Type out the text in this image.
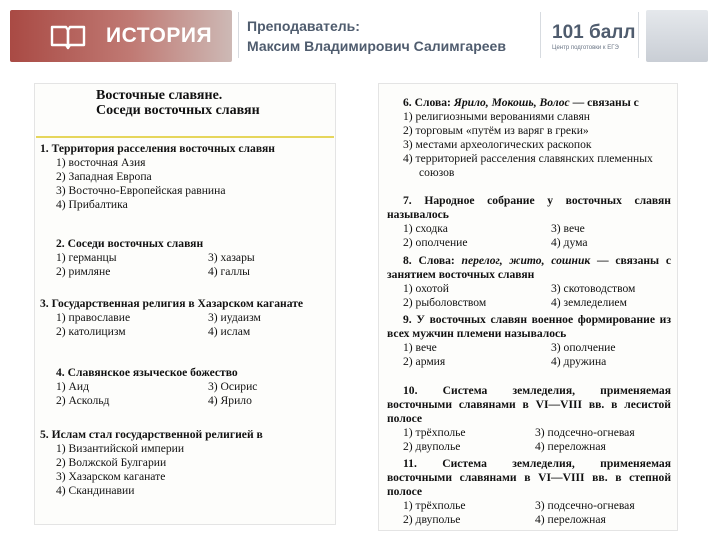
ИСТОРИЯ Преподаватель:
Максим Владимирович Салимгареев
101 балл
Центр подготовки к ЕГЭ
Восточные славяне.
Соседи восточных славян
1. Территория расселения восточных славян
1) восточная Азия
2) Западная Европа
3) Восточно-Европейская равнина
4) Прибалтика
2. Соседи восточных славян
1) германцы	3) хазары
2) римляне	4) галлы
3. Государственная религия в Хазарском каганате
1) православие	3) иудаизм
2) католицизм	4) ислам
4. Славянское языческое божество
1) Аид	3) Осирис
2) Аскольд	4) Ярило
5. Ислам стал государственной религией в
1) Византийской империи
2) Волжской Булгарии
3) Хазарском каганате
4) Скандинавии
6. Слова: Ярило, Мокошь, Волос — связаны с
1) религиозными верованиями славян
2) торговым «путём из варяг в греки»
3) местами археологических раскопок
4) территорией расселения славянских племенных союзов
7. Народное собрание у восточных славян называлось
1) сходка	3) вече
2) ополчение	4) дума
8. Слова: перелог, жито, сошник — связаны с занятием восточных славян
1) охотой	3) скотоводством
2) рыболовством	4) земледелием
9. У восточных славян военное формирование из всех мужчин племени называлось
1) вече	3) ополчение
2) армия	4) дружина
10. Система земледелия, применяемая восточными славянами в VI—VIII вв. в лесистой полосе
1) трёхполье	3) подсечно-огневая
2) двуполье	4) переложная
11. Система земледелия, применяемая восточными славянами в VI—VIII вв. в степной полосе
1) трёхполье	3) подсечно-огневая
2) двуполье	4) переложная
